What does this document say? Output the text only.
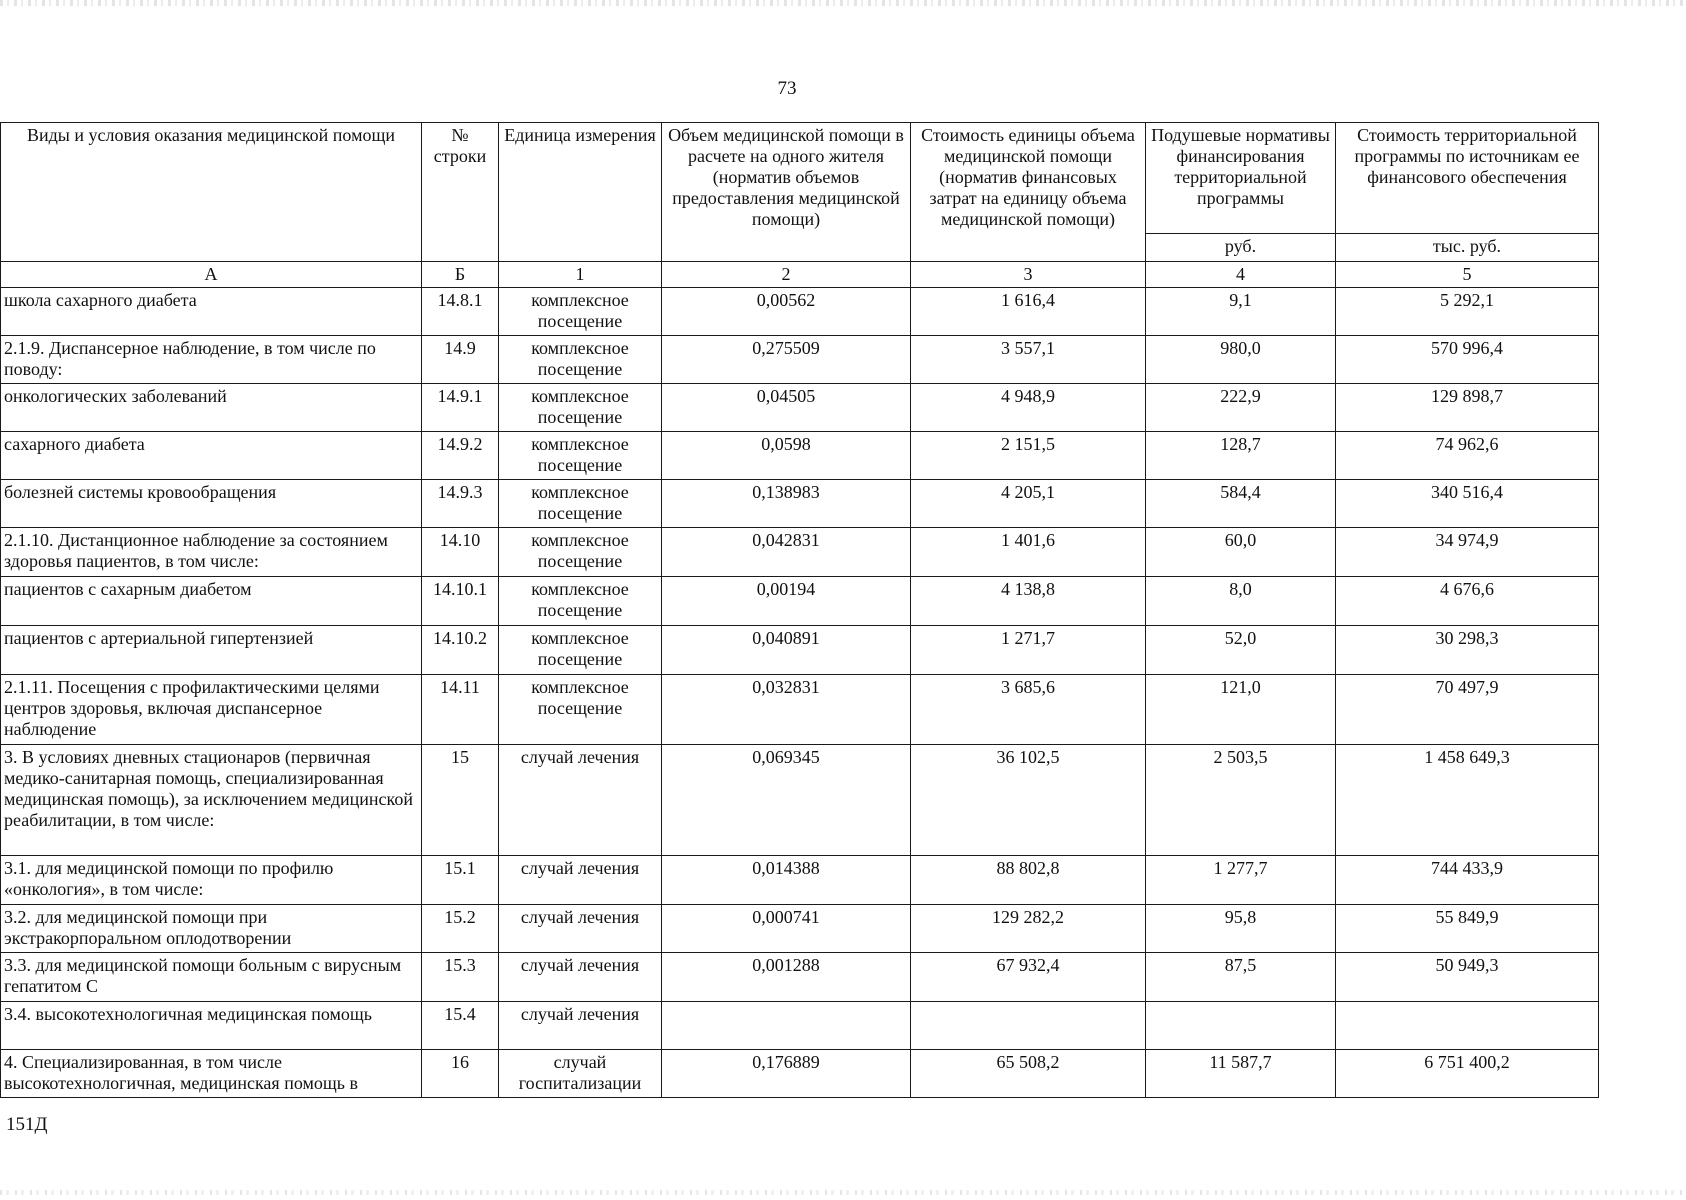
73
Виды и условия оказания медицинской помощи	№ строки	Единица измерения	Объем медицинской помощи в расчете на одного жителя (норматив объемов предоставления медицинской помощи)	Стоимость единицы объема медицинской помощи (норматив финансовых затрат на единицу объема медицинской помощи)	Подушевые нормативы финансирования территориальной программы	Стоимость территориальной программы по источникам ее финансового обеспечения
					руб.	тыс. руб.
А	Б	1	2	3	4	5
школа сахарного диабета	14.8.1	комплексное посещение	0,00562	1 616,4	9,1	5 292,1
2.1.9. Диспансерное наблюдение, в том числе по поводу:	14.9	комплексное посещение	0,275509	3 557,1	980,0	570 996,4
онкологических заболеваний	14.9.1	комплексное посещение	0,04505	4 948,9	222,9	129 898,7
сахарного диабета	14.9.2	комплексное посещение	0,0598	2 151,5	128,7	74 962,6
болезней системы кровообращения	14.9.3	комплексное посещение	0,138983	4 205,1	584,4	340 516,4
2.1.10. Дистанционное наблюдение за состоянием здоровья пациентов, в том числе:	14.10	комплексное посещение	0,042831	1 401,6	60,0	34 974,9
пациентов с сахарным диабетом	14.10.1	комплексное посещение	0,00194	4 138,8	8,0	4 676,6
пациентов с артериальной гипертензией	14.10.2	комплексное посещение	0,040891	1 271,7	52,0	30 298,3
2.1.11. Посещения с профилактическими целями центров здоровья, включая диспансерное наблюдение	14.11	комплексное посещение	0,032831	3 685,6	121,0	70 497,9
3. В условиях дневных стационаров (первичная медико-санитарная помощь, специализированная медицинская помощь), за исключением медицинской реабилитации, в том числе:	15	случай лечения	0,069345	36 102,5	2 503,5	1 458 649,3
3.1. для медицинской помощи по профилю «онкология», в том числе:	15.1	случай лечения	0,014388	88 802,8	1 277,7	744 433,9
3.2. для медицинской помощи при экстракорпоральном оплодотворении	15.2	случай лечения	0,000741	129 282,2	95,8	55 849,9
3.3. для медицинской помощи больным с вирусным гепатитом С	15.3	случай лечения	0,001288	67 932,4	87,5	50 949,3
3.4. высокотехнологичная медицинская помощь	15.4	случай лечения				
4. Специализированная, в том числе высокотехнологичная, медицинская помощь в	16	случай госпитализации	0,176889	65 508,2	11 587,7	6 751 400,2
151Д
